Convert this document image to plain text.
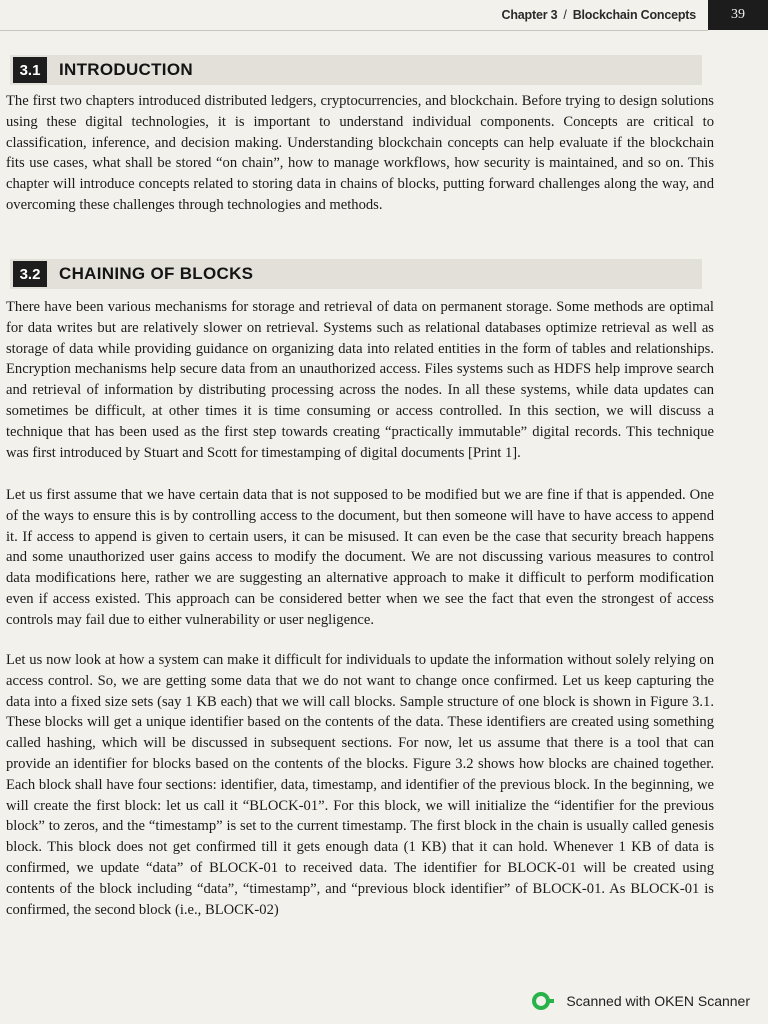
Chapter 3 / Blockchain Concepts	39
3.1	INTRODUCTION

The first two chapters introduced distributed ledgers, cryptocurrencies, and blockchain. Before trying to design solutions using these digital technologies, it is important to understand individual components. Concepts are critical to classification, inference, and decision making. Understanding blockchain concepts can help evaluate if the blockchain fits use cases, what shall be stored “on chain”, how to manage workflows, how security is maintained, and so on. This chapter will introduce concepts related to storing data in chains of blocks, putting forward challenges along the way, and overcoming these challenges through technologies and methods.

3.2	CHAINING OF BLOCKS

There have been various mechanisms for storage and retrieval of data on permanent storage. Some methods are optimal for data writes but are relatively slower on retrieval. Systems such as relational databases optimize retrieval as well as storage of data while providing guidance on organizing data into related entities in the form of tables and relationships. Encryption mechanisms help secure data from an unauthorized access. Files systems such as HDFS help improve search and retrieval of information by distributing processing across the nodes. In all these systems, while data updates can sometimes be difficult, at other times it is time consuming or access controlled. In this section, we will discuss a technique that has been used as the first step towards creating “practically immutable” digital records. This technique was first introduced by Stuart and Scott for timestamping of digital documents [Print 1].

Let us first assume that we have certain data that is not supposed to be modified but we are fine if that is appended. One of the ways to ensure this is by controlling access to the document, but then someone will have to have access to append it. If access to append is given to certain users, it can be misused. It can even be the case that security breach happens and some unauthorized user gains access to modify the document. We are not discussing various measures to control data modifications here, rather we are suggesting an alternative approach to make it difficult to perform modification even if access existed. This approach can be considered better when we see the fact that even the strongest of access controls may fail due to either vulnerability or user negligence.

Let us now look at how a system can make it difficult for individuals to update the information without solely relying on access control. So, we are getting some data that we do not want to change once confirmed. Let us keep capturing the data into a fixed size sets (say 1 KB each) that we will call blocks. Sample structure of one block is shown in Figure 3.1. These blocks will get a unique identifier based on the contents of the data. These identifiers are created using something called hashing, which will be discussed in subsequent sections. For now, let us assume that there is a tool that can provide an identifier for blocks based on the contents of the blocks. Figure 3.2 shows how blocks are chained together. Each block shall have four sections: identifier, data, timestamp, and identifier of the previous block. In the beginning, we will create the first block: let us call it “BLOCK-01”. For this block, we will initialize the “identifier for the previous block” to zeros, and the “timestamp” is set to the current timestamp. The first block in the chain is usually called genesis block. This block does not get confirmed till it gets enough data (1 KB) that it can hold. Whenever 1 KB of data is confirmed, we update “data” of BLOCK-01 to received data. The identifier for BLOCK-01 will be created using contents of the block including “data”, “timestamp”, and “previous block identifier” of BLOCK-01. As BLOCK-01 is confirmed, the second block (i.e., BLOCK-02)

Scanned with OKEN Scanner
